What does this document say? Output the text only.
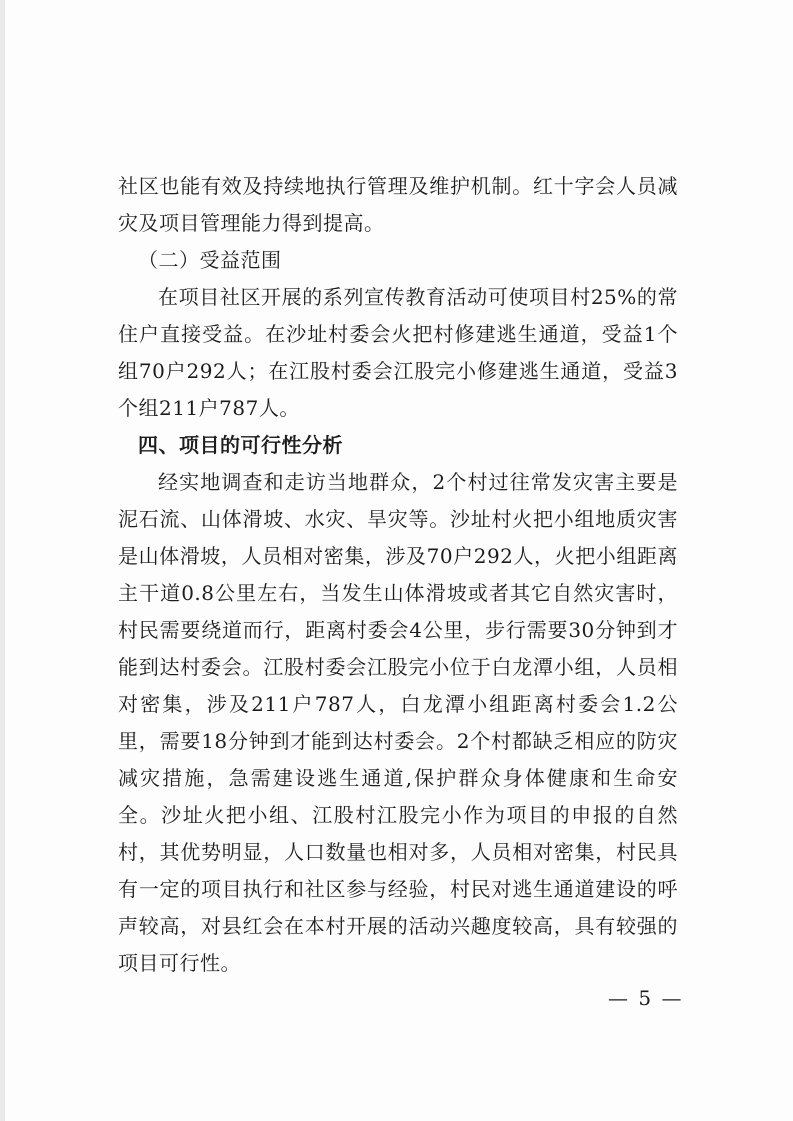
社区也能有效及持续地执行管理及维护机制。红十字会人员减灾及项目管理能力得到提高。

（二）受益范围

在项目社区开展的系列宣传教育活动可使项目村25%的常住户直接受益。在沙址村委会火把村修建逃生通道，受益1个组70户292人；在江股村委会江股完小修建逃生通道，受益3个组211户787人。

四、项目的可行性分析

经实地调查和走访当地群众，2个村过往常发灾害主要是泥石流、山体滑坡、水灾、旱灾等。沙址村火把小组地质灾害是山体滑坡，人员相对密集，涉及70户292人，火把小组距离主干道0.8公里左右，当发生山体滑坡或者其它自然灾害时，村民需要绕道而行，距离村委会4公里，步行需要30分钟到才能到达村委会。江股村委会江股完小位于白龙潭小组，人员相对密集，涉及211户787人，白龙潭小组距离村委会1.2公里，需要18分钟到才能到达村委会。2个村都缺乏相应的防灾减灾措施，急需建设逃生通道,保护群众身体健康和生命安全。沙址火把小组、江股村江股完小作为项目的申报的自然村，其优势明显，人口数量也相对多，人员相对密集，村民具有一定的项目执行和社区参与经验，村民对逃生通道建设的呼声较高，对县红会在本村开展的活动兴趣度较高，具有较强的项目可行性。

— 5 —
